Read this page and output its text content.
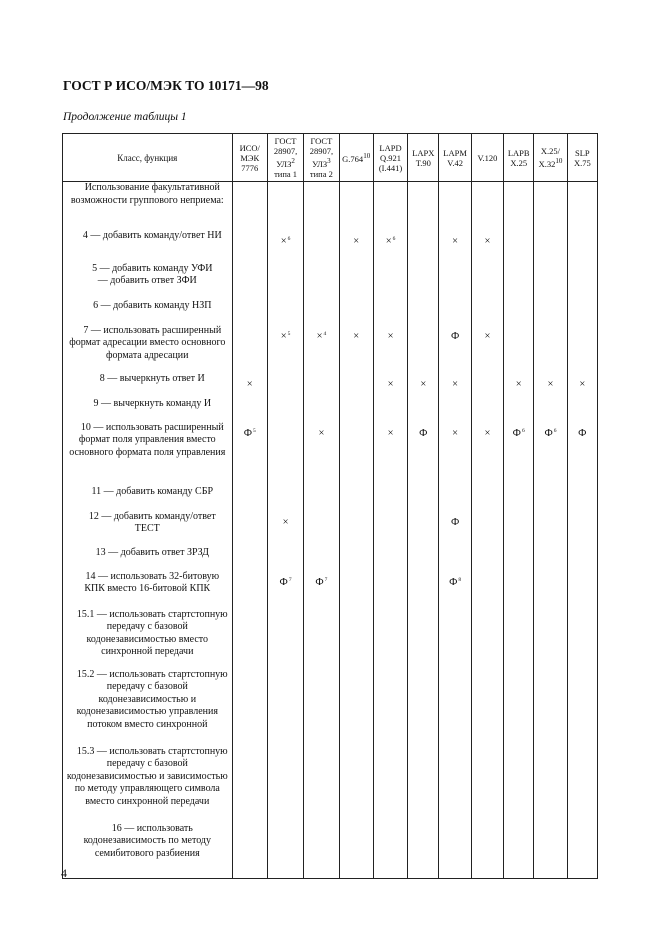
ГОСТ Р ИСО/МЭК ТО 10171—98
Продолжение таблицы 1
Класс, функция	ИСО/
МЭК
7776	ГОСТ
28907,
УЛЗ$^2$
типа 1	ГОСТ
28907,
УЛЗ$^3$
типа 2	G.764$^{10}$	LAPD
Q.921
(I.441)	LAPX
T.90	LAPM
V.42	V.120	LAPB
X.25	X.25/
$X.32^{10}$	SLP
X.75

Использование факультативной возможности группового неприема:											

4 — добавить команду/ответ НИ		×$^6$		×	×$^6$		×	×			

5 — добавить команду УФИ
— добавить ответ ЗФИ											

6 — добавить команду НЗП											

7 — использовать расширенный формат адресации вместо основного формата адресации		×$^5$	×$^4$	×	×		Ф	×			

8 — вычеркнуть ответ И	×				×	×	×		×	×	×

9 — вычеркнуть команду И											

10 — использовать расширенный формат поля управления вместо основного формата поля управления	$Ф^5$		×		×	Ф	×	×	$Ф^6$	$Ф^6$	Ф

11 — добавить команду СБР											

12 — добавить команду/ответ ТЕСТ		×					Ф				

13 — добавить ответ ЗРЗД											

14 — использовать 32-битовую КПК вместо 16-битовой КПК		$Ф^7$	$Ф^7$				$Ф^8$				

15.1 — использовать стартстопную передачу с базовой кодонезависимостью вместо синхронной передачи											

15.2 — использовать стартстопную передачу с базовой кодонезависимостью и кодонезависимостью управления потоком вместо синхронной											

15.3 — использовать стартстопную передачу с базовой кодонезависимостью и зависимостью по методу управляющего символа вместо синхронной передачи											

16 — использовать кодонезависимость по методу семибитового разбиения											

4
